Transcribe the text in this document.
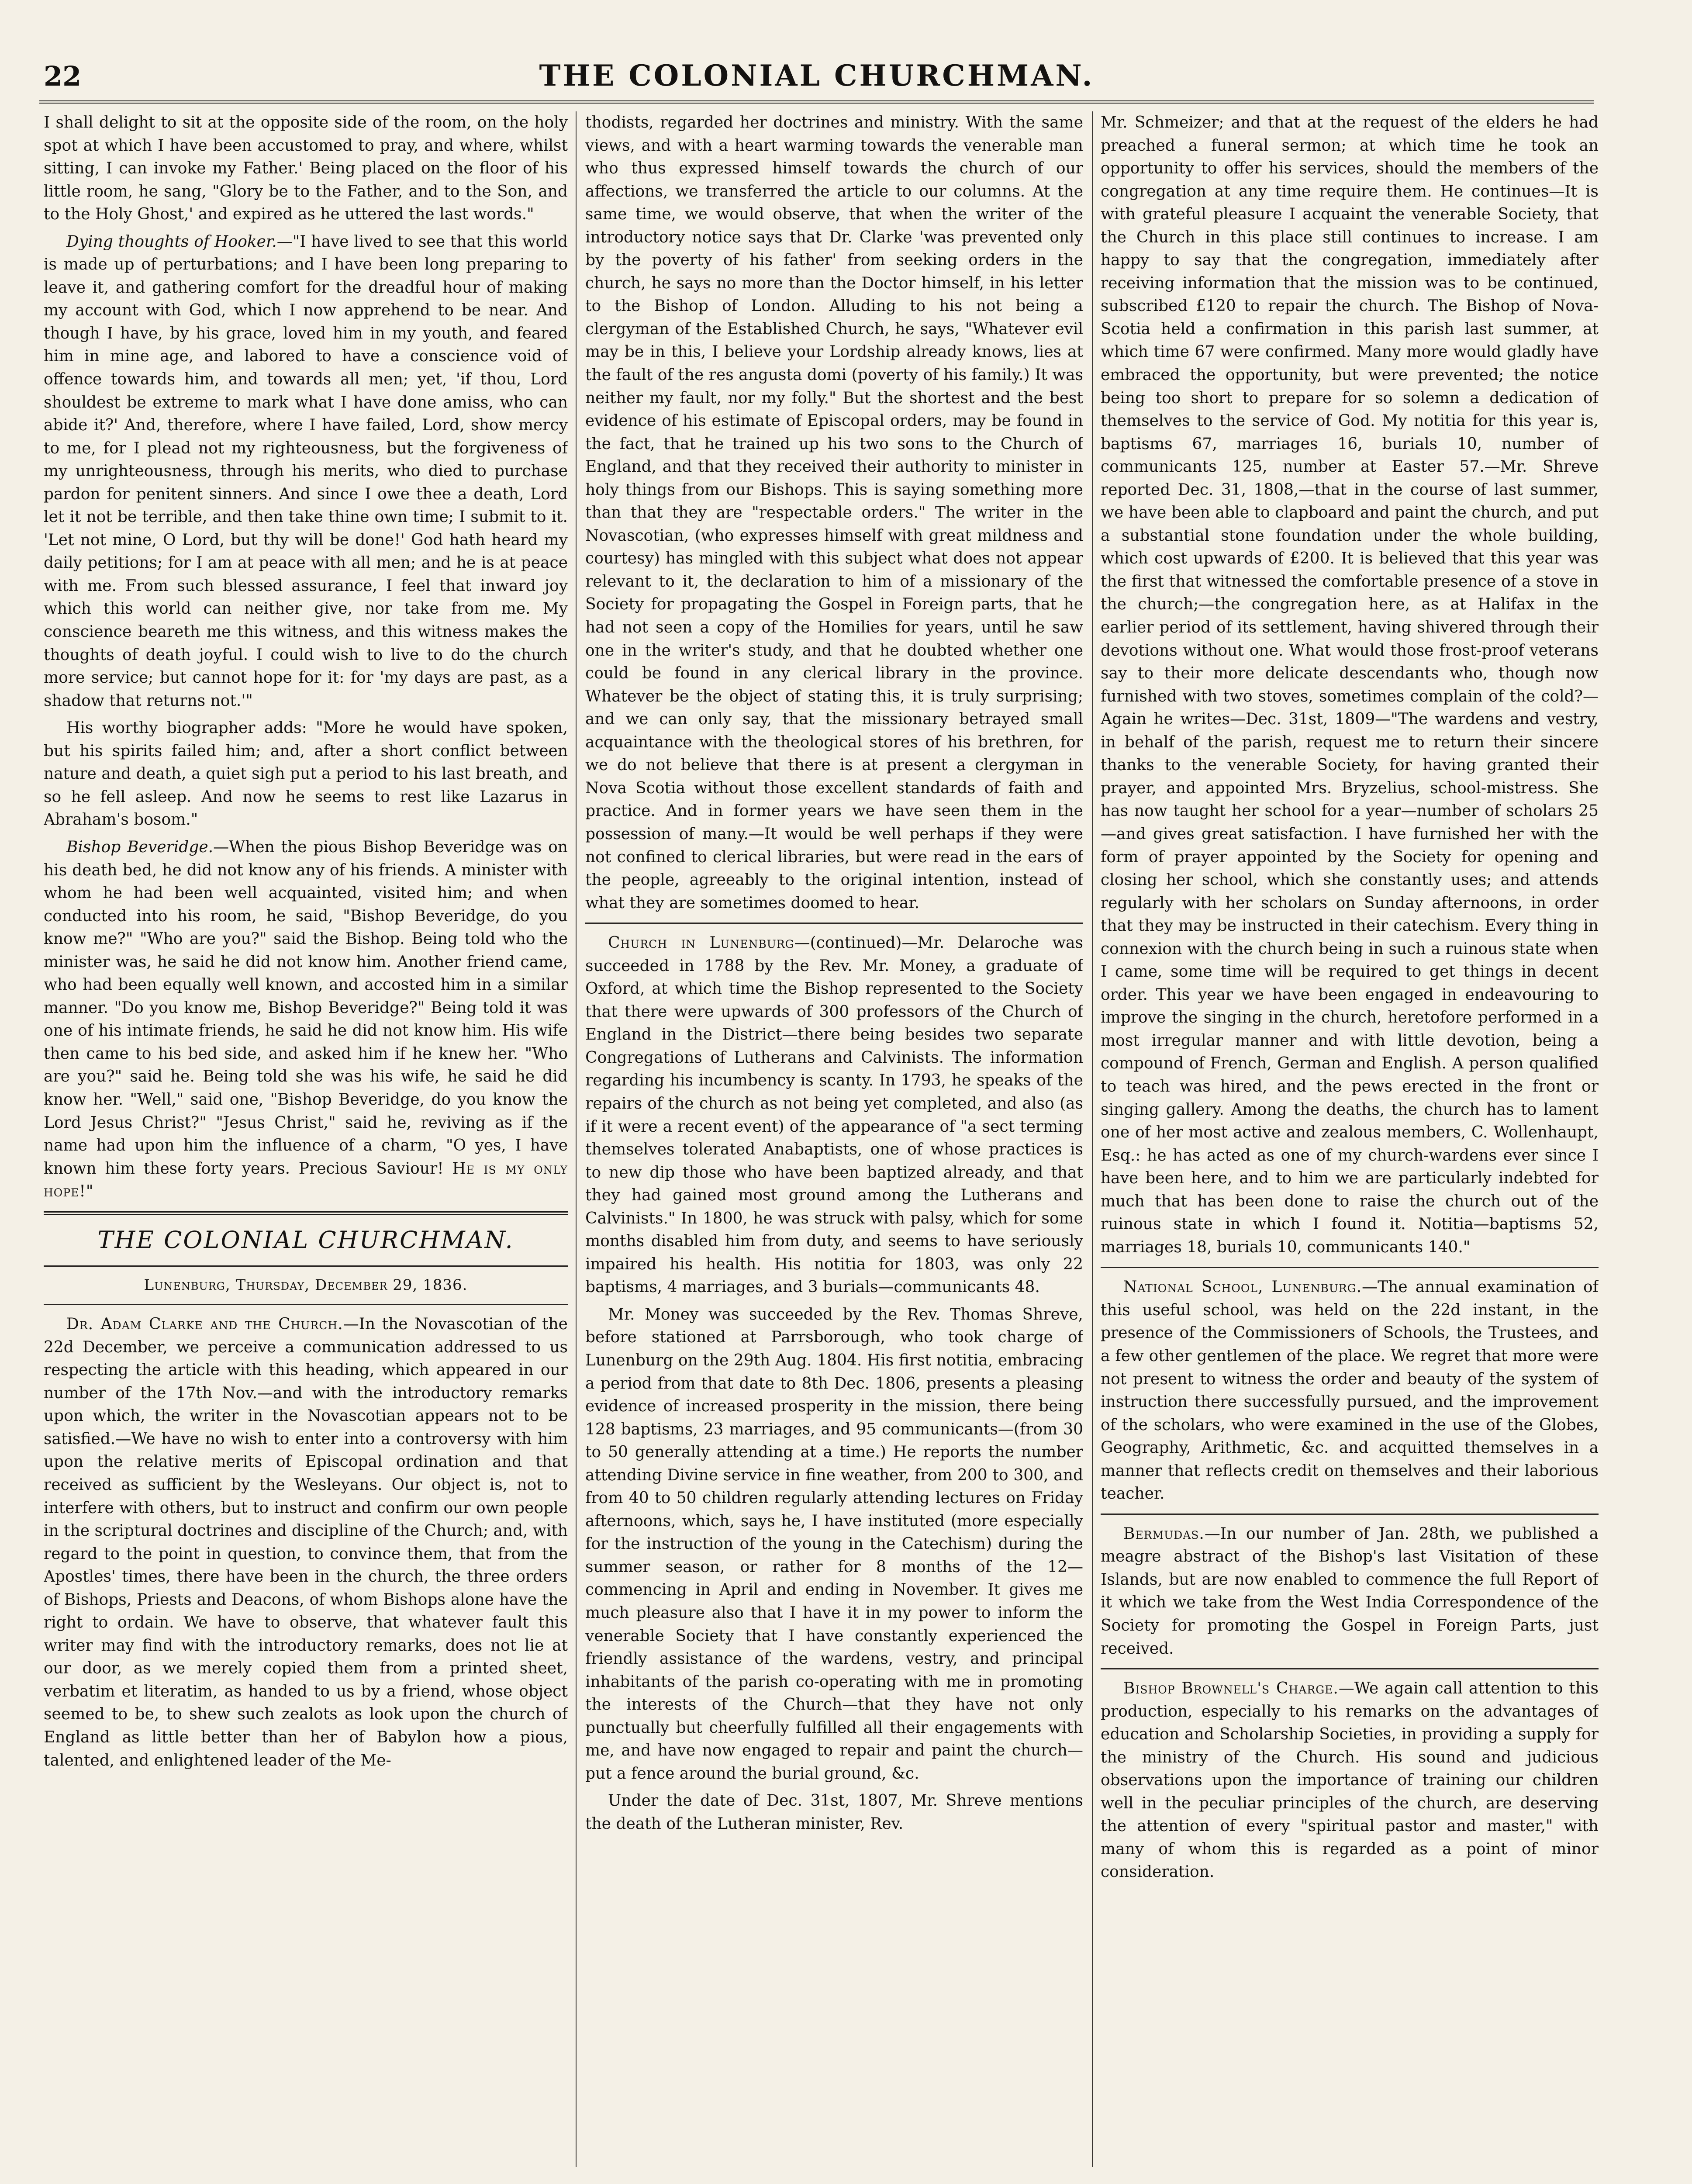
22	THE COLONIAL CHURCHMAN.

I shall delight to sit at the opposite side of the room, on the holy spot at which I have been accustomed to pray, and where, whilst sitting, I can invoke my Father.' Being placed on the floor of his little room, he sang, "Glory be to the Father, and to the Son, and to the Holy Ghost,' and expired as he uttered the last words."

Dying thoughts of Hooker.—"I have lived to see that this world is made up of perturbations; and I have been long preparing to leave it, and gathering comfort for the dreadful hour of making my account with God, which I now apprehend to be near. And though I have, by his grace, loved him in my youth, and feared him in mine age, and labored to have a conscience void of offence towards him, and towards all men; yet, 'if thou, Lord shouldest be extreme to mark what I have done amiss, who can abide it?' And, therefore, where I have failed, Lord, show mercy to me, for I plead not my righteousness, but the forgiveness of my unrighteousness, through his merits, who died to purchase pardon for penitent sinners. And since I owe thee a death, Lord let it not be terrible, and then take thine own time; I submit to it. 'Let not mine, O Lord, but thy will be done!' God hath heard my daily petitions; for I am at peace with all men; and he is at peace with me. From such blessed assurance, I feel that inward joy which this world can neither give, nor take from me. My conscience beareth me this witness, and this witness makes the thoughts of death joyful. I could wish to live to do the church more service; but cannot hope for it: for 'my days are past, as a shadow that returns not.'"

His worthy biographer adds: "More he would have spoken, but his spirits failed him; and, after a short conflict between nature and death, a quiet sigh put a period to his last breath, and so he fell asleep. And now he seems to rest like Lazarus in Abraham's bosom."

Bishop Beveridge.—When the pious Bishop Beveridge was on his death bed, he did not know any of his friends. A minister with whom he had been well acquainted, visited him; and when conducted into his room, he said, "Bishop Beveridge, do you know me?" "Who are you?" said the Bishop. Being told who the minister was, he said he did not know him. Another friend came, who had been equally well known, and accosted him in a similar manner. "Do you know me, Bishop Beveridge?" Being told it was one of his intimate friends, he said he did not know him. His wife then came to his bed side, and asked him if he knew her. "Who are you?" said he. Being told she was his wife, he said he did know her. "Well," said one, "Bishop Beveridge, do you know the Lord Jesus Christ?" "Jesus Christ," said he, reviving as if the name had upon him the influence of a charm, "O yes, I have known him these forty years. Precious Saviour! He is my only hope!"

THE COLONIAL CHURCHMAN.
Lunenburg, Thursday, December 29, 1836.

Dr. Adam Clarke and the Church.—In the Novascotian of the 22d December, we perceive a communication addressed to us respecting the article with this heading, which appeared in our number of the 17th Nov.—and with the introductory remarks upon which, the writer in the Novascotian appears not to be satisfied.—We have no wish to enter into a controversy with him upon the relative merits of Episcopal ordination and that received as sufficient by the Wesleyans. Our object is, not to interfere with others, but to instruct and confirm our own people in the scriptural doctrines and discipline of the Church; and, with regard to the point in question, to convince them, that from the Apostles' times, there have been in the church, the three orders of Bishops, Priests and Deacons, of whom Bishops alone have the right to ordain. We have to observe, that whatever fault this writer may find with the introductory remarks, does not lie at our door, as we merely copied them from a printed sheet, verbatim et literatim, as handed to us by a friend, whose object seemed to be, to shew such zealots as look upon the church of England as little better than her of Babylon how a pious, talented, and enlightened leader of the Me-

thodists, regarded her doctrines and ministry. With the same views, and with a heart warming towards the venerable man who thus expressed himself towards the church of our affections, we transferred the article to our columns. At the same time, we would observe, that when the writer of the introductory notice says that Dr. Clarke 'was prevented only by the poverty of his father' from seeking orders in the church, he says no more than the Doctor himself, in his letter to the Bishop of London. Alluding to his not being a clergyman of the Established Church, he says, "Whatever evil may be in this, I believe your Lordship already knows, lies at the fault of the res angusta domi (poverty of his family.) It was neither my fault, nor my folly." But the shortest and the best evidence of his estimate of Episcopal orders, may be found in the fact, that he trained up his two sons to the Church of England, and that they received their authority to minister in holy things from our Bishops. This is saying something more than that they are "respectable orders." The writer in the Novascotian, (who expresses himself with great mildness and courtesy) has mingled with this subject what does not appear relevant to it, the declaration to him of a missionary of the Society for propagating the Gospel in Foreign parts, that he had not seen a copy of the Homilies for years, until he saw one in the writer's study, and that he doubted whether one could be found in any clerical library in the province. Whatever be the object of stating this, it is truly surprising; and we can only say, that the missionary betrayed small acquaintance with the theological stores of his brethren, for we do not believe that there is at present a clergyman in Nova Scotia without those excellent standards of faith and practice. And in former years we have seen them in the possession of many.—It would be well perhaps if they were not confined to clerical libraries, but were read in the ears of the people, agreeably to the original intention, instead of what they are sometimes doomed to hear.

Church in Lunenburg—(continued)—Mr. Delaroche was succeeded in 1788 by the Rev. Mr. Money, a graduate of Oxford, at which time the Bishop represented to the Society that there were upwards of 300 professors of the Church of England in the District—there being besides two separate Congregations of Lutherans and Calvinists. The information regarding his incumbency is scanty. In 1793, he speaks of the repairs of the church as not being yet completed, and also (as if it were a recent event) of the appearance of "a sect terming themselves tolerated Anabaptists, one of whose practices is to new dip those who have been baptized already, and that they had gained most ground among the Lutherans and Calvinists." In 1800, he was struck with palsy, which for some months disabled him from duty, and seems to have seriously impaired his health. His notitia for 1803, was only 22 baptisms, 4 marriages, and 3 burials—communicants 48.

Mr. Money was succeeded by the Rev. Thomas Shreve, before stationed at Parrsborough, who took charge of Lunenburg on the 29th Aug. 1804. His first notitia, embracing a period from that date to 8th Dec. 1806, presents a pleasing evidence of increased prosperity in the mission, there being 128 baptisms, 23 marriages, and 95 communicants—(from 30 to 50 generally attending at a time.) He reports the number attending Divine service in fine weather, from 200 to 300, and from 40 to 50 children regularly attending lectures on Friday afternoons, which, says he, I have instituted (more especially for the instruction of the young in the Catechism) during the summer season, or rather for 8 months of the 12—commencing in April and ending in November. It gives me much pleasure also that I have it in my power to inform the venerable Society that I have constantly experienced the friendly assistance of the wardens, vestry, and principal inhabitants of the parish co-operating with me in promoting the interests of the Church—that they have not only punctually but cheerfully fulfilled all their engagements with me, and have now engaged to repair and paint the church—put a fence around the burial ground, &c.

Under the date of Dec. 31st, 1807, Mr. Shreve mentions the death of the Lutheran minister, Rev.

Mr. Schmeizer; and that at the request of the elders he had preached a funeral sermon; at which time he took an opportunity to offer his services, should the members of the congregation at any time require them. He continues—It is with grateful pleasure I acquaint the venerable Society, that the Church in this place still continues to increase. I am happy to say that the congregation, immediately after receiving information that the mission was to be continued, subscribed £120 to repair the church. The Bishop of Nova-Scotia held a confirmation in this parish last summer, at which time 67 were confirmed. Many more would gladly have embraced the opportunity, but were prevented; the notice being too short to prepare for so solemn a dedication of themselves to the service of God. My notitia for this year is, baptisms 67, marriages 16, burials 10, number of communicants 125, number at Easter 57.—Mr. Shreve reported Dec. 31, 1808,—that in the course of last summer, we have been able to clapboard and paint the church, and put a substantial stone foundation under the whole building, which cost upwards of £200. It is believed that this year was the first that witnessed the comfortable presence of a stove in the church;—the congregation here, as at Halifax in the earlier period of its settlement, having shivered through their devotions without one. What would those frost-proof veterans say to their more delicate descendants who, though now furnished with two stoves, sometimes complain of the cold?—Again he writes—Dec. 31st, 1809—"The wardens and vestry, in behalf of the parish, request me to return their sincere thanks to the venerable Society, for having granted their prayer, and appointed Mrs. Bryzelius, school-mistress. She has now taught her school for a year—number of scholars 25—and gives great satisfaction. I have furnished her with the form of prayer appointed by the Society for opening and closing her school, which she constantly uses; and attends regularly with her scholars on Sunday afternoons, in order that they may be instructed in their catechism. Every thing in connexion with the church being in such a ruinous state when I came, some time will be required to get things in decent order. This year we have been engaged in endeavouring to improve the singing in the church, heretofore performed in a most irregular manner and with little devotion, being a compound of French, German and English. A person qualified to teach was hired, and the pews erected in the front or singing gallery. Among the deaths, the church has to lament one of her most active and zealous members, C. Wollenhaupt, Esq.: he has acted as one of my church-wardens ever since I have been here, and to him we are particularly indebted for much that has been done to raise the church out of the ruinous state in which I found it. Notitia—baptisms 52, marriages 18, burials 10, communicants 140."

National School, Lunenburg.—The annual examination of this useful school, was held on the 22d instant, in the presence of the Commissioners of Schools, the Trustees, and a few other gentlemen of the place. We regret that more were not present to witness the order and beauty of the system of instruction there successfully pursued, and the improvement of the scholars, who were examined in the use of the Globes, Geography, Arithmetic, &c. and acquitted themselves in a manner that reflects credit on themselves and their laborious teacher.

Bermudas.—In our number of Jan. 28th, we published a meagre abstract of the Bishop's last Visitation of these Islands, but are now enabled to commence the full Report of it which we take from the West India Correspondence of the Society for promoting the Gospel in Foreign Parts, just received.

Bishop Brownell's Charge.—We again call attention to this production, especially to his remarks on the advantages of education and Scholarship Societies, in providing a supply for the ministry of the Church. His sound and judicious observations upon the importance of training our children well in the peculiar principles of the church, are deserving the attention of every "spiritual pastor and master," with many of whom this is regarded as a point of minor consideration.
